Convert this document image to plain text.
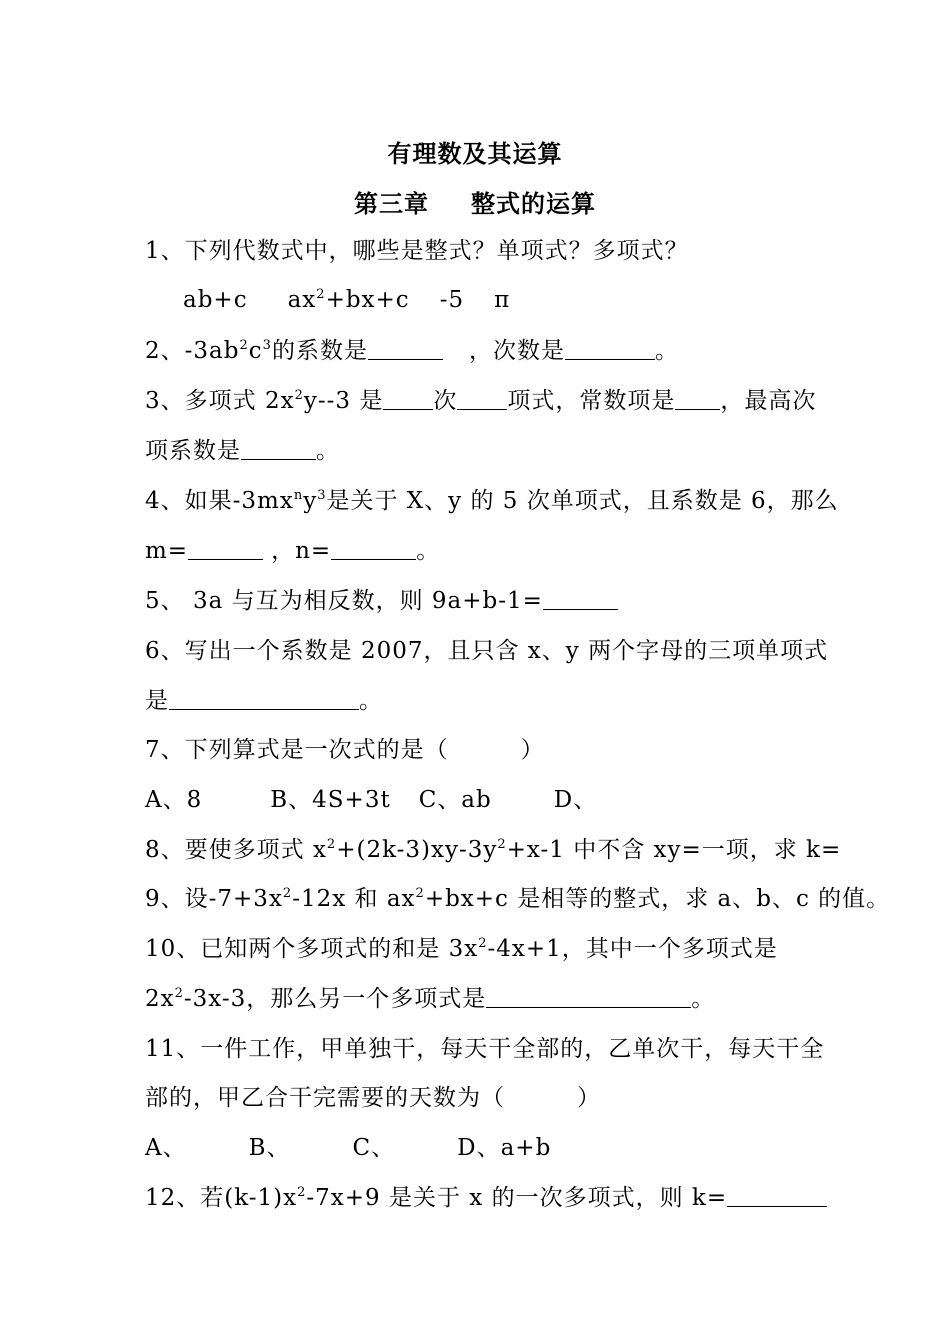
有理数及其运算
第三章 整式的运算
1、下列代数式中，哪些是整式？单项式？多项式？
ab+c $ax^2+bx+c$ -5 π
2、$-3ab^2c^3$的系数是	，次数是	。
3、多项式 $2x^2y--3$ 是 次 项式，常数项是 ，最高次
项系数是	。
4、如果$-3mx^ny^3$是关于 X、y 的 5 次单项式，且系数是 6，那么
m=	，n=	。
5、 3a 与互为相反数，则 9a+b-1=
6、写出一个系数是 2007，且只含 x、y 两个字母的三项单项式
是	。
7、下列算式是一次式的是（　　　）
A、8	B、4S+3t C、ab	D、
8、要使多项式 $x^2+(2k-3)xy-3y^2+x-1$ 中不含 xy=一项，求 k=
9、设$-7+3x^2-12x$ 和 $ax^2+bx+c$ 是相等的整式，求 a、b、c 的值。
10、已知两个多项式的和是 $3x^2-4x+1$，其中一个多项式是
$2x^2-3x-3$，那么另一个多项式是	。
11、一件工作，甲单独干，每天干全部的，乙单次干，每天干全
部的，甲乙合干完需要的天数为（　　　）
A、	B、	C、	D、a+b
12、若$(k-1)x^2-7x+9$ 是关于 x 的一次多项式，则 k=
